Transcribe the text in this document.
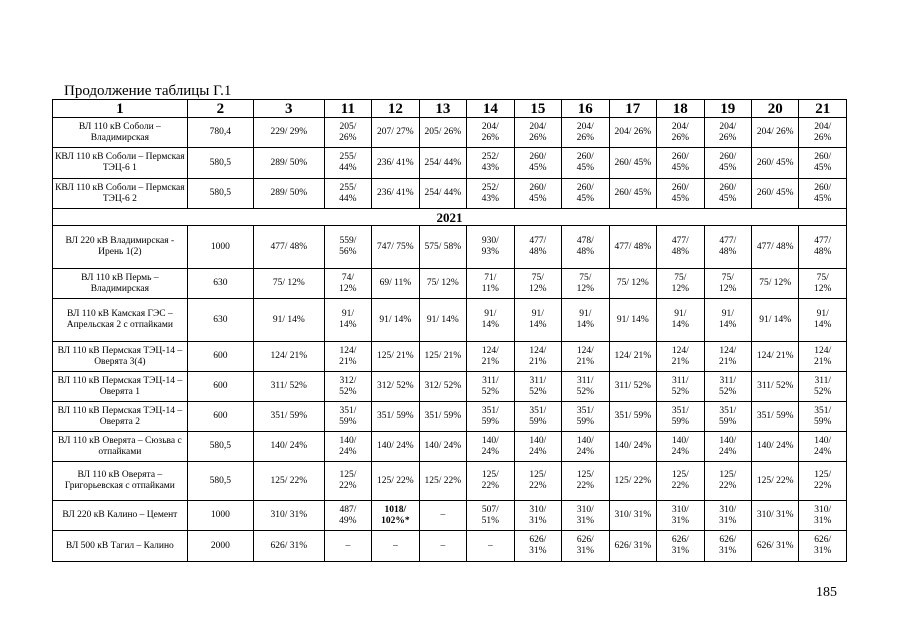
Продолжение таблицы Г.1
1	2	3	11	12	13	14	15	16	17	18	19	20	21
ВЛ 110 кВ Соболи – Владимирская	780,4	229/ 29%	205/ 26%	207/ 27%	205/ 26%	204/ 26%	204/ 26%	204/ 26%	204/ 26%	204/ 26%	204/ 26%	204/ 26%	204/ 26%
КВЛ 110 кВ Соболи – Пермская ТЭЦ-6 1	580,5	289/ 50%	255/ 44%	236/ 41%	254/ 44%	252/ 43%	260/ 45%	260/ 45%	260/ 45%	260/ 45%	260/ 45%	260/ 45%	260/ 45%
КВЛ 110 кВ Соболи – Пермская ТЭЦ-6 2	580,5	289/ 50%	255/ 44%	236/ 41%	254/ 44%	252/ 43%	260/ 45%	260/ 45%	260/ 45%	260/ 45%	260/ 45%	260/ 45%	260/ 45%
2021													
ВЛ 220 кВ Владимирская - Ирень 1(2)	1000	477/ 48%	559/ 56%	747/ 75%	575/ 58%	930/ 93%	477/ 48%	478/ 48%	477/ 48%	477/ 48%	477/ 48%	477/ 48%	477/ 48%
ВЛ 110 кВ Пермь – Владимирская	630	75/ 12%	74/ 12%	69/ 11%	75/ 12%	71/ 11%	75/ 12%	75/ 12%	75/ 12%	75/ 12%	75/ 12%	75/ 12%	75/ 12%
ВЛ 110 кВ Камская ГЭС – Апрельская 2 с отпайками	630	91/ 14%	91/ 14%	91/ 14%	91/ 14%	91/ 14%	91/ 14%	91/ 14%	91/ 14%	91/ 14%	91/ 14%	91/ 14%	91/ 14%
ВЛ 110 кВ Пермская ТЭЦ-14 – Оверята 3(4)	600	124/ 21%	124/ 21%	125/ 21%	125/ 21%	124/ 21%	124/ 21%	124/ 21%	124/ 21%	124/ 21%	124/ 21%	124/ 21%	124/ 21%
ВЛ 110 кВ Пермская ТЭЦ-14 – Оверята 1	600	311/ 52%	312/ 52%	312/ 52%	312/ 52%	311/ 52%	311/ 52%	311/ 52%	311/ 52%	311/ 52%	311/ 52%	311/ 52%	311/ 52%
ВЛ 110 кВ Пермская ТЭЦ-14 – Оверята 2	600	351/ 59%	351/ 59%	351/ 59%	351/ 59%	351/ 59%	351/ 59%	351/ 59%	351/ 59%	351/ 59%	351/ 59%	351/ 59%	351/ 59%
ВЛ 110 кВ Оверята – Сюзьва с отпайками	580,5	140/ 24%	140/ 24%	140/ 24%	140/ 24%	140/ 24%	140/ 24%	140/ 24%	140/ 24%	140/ 24%	140/ 24%	140/ 24%	140/ 24%
ВЛ 110 кВ Оверята – Григорьевская с отпайками	580,5	125/ 22%	125/ 22%	125/ 22%	125/ 22%	125/ 22%	125/ 22%	125/ 22%	125/ 22%	125/ 22%	125/ 22%	125/ 22%	125/ 22%
ВЛ 220 кВ Калино – Цемент	1000	310/ 31%	487/ 49%	1018/ 102%*	–	507/ 51%	310/ 31%	310/ 31%	310/ 31%	310/ 31%	310/ 31%	310/ 31%	310/ 31%
ВЛ 500 кВ Тагил – Калино	2000	626/ 31%	–	–	–	–	626/ 31%	626/ 31%	626/ 31%	626/ 31%	626/ 31%	626/ 31%	626/ 31%
185
